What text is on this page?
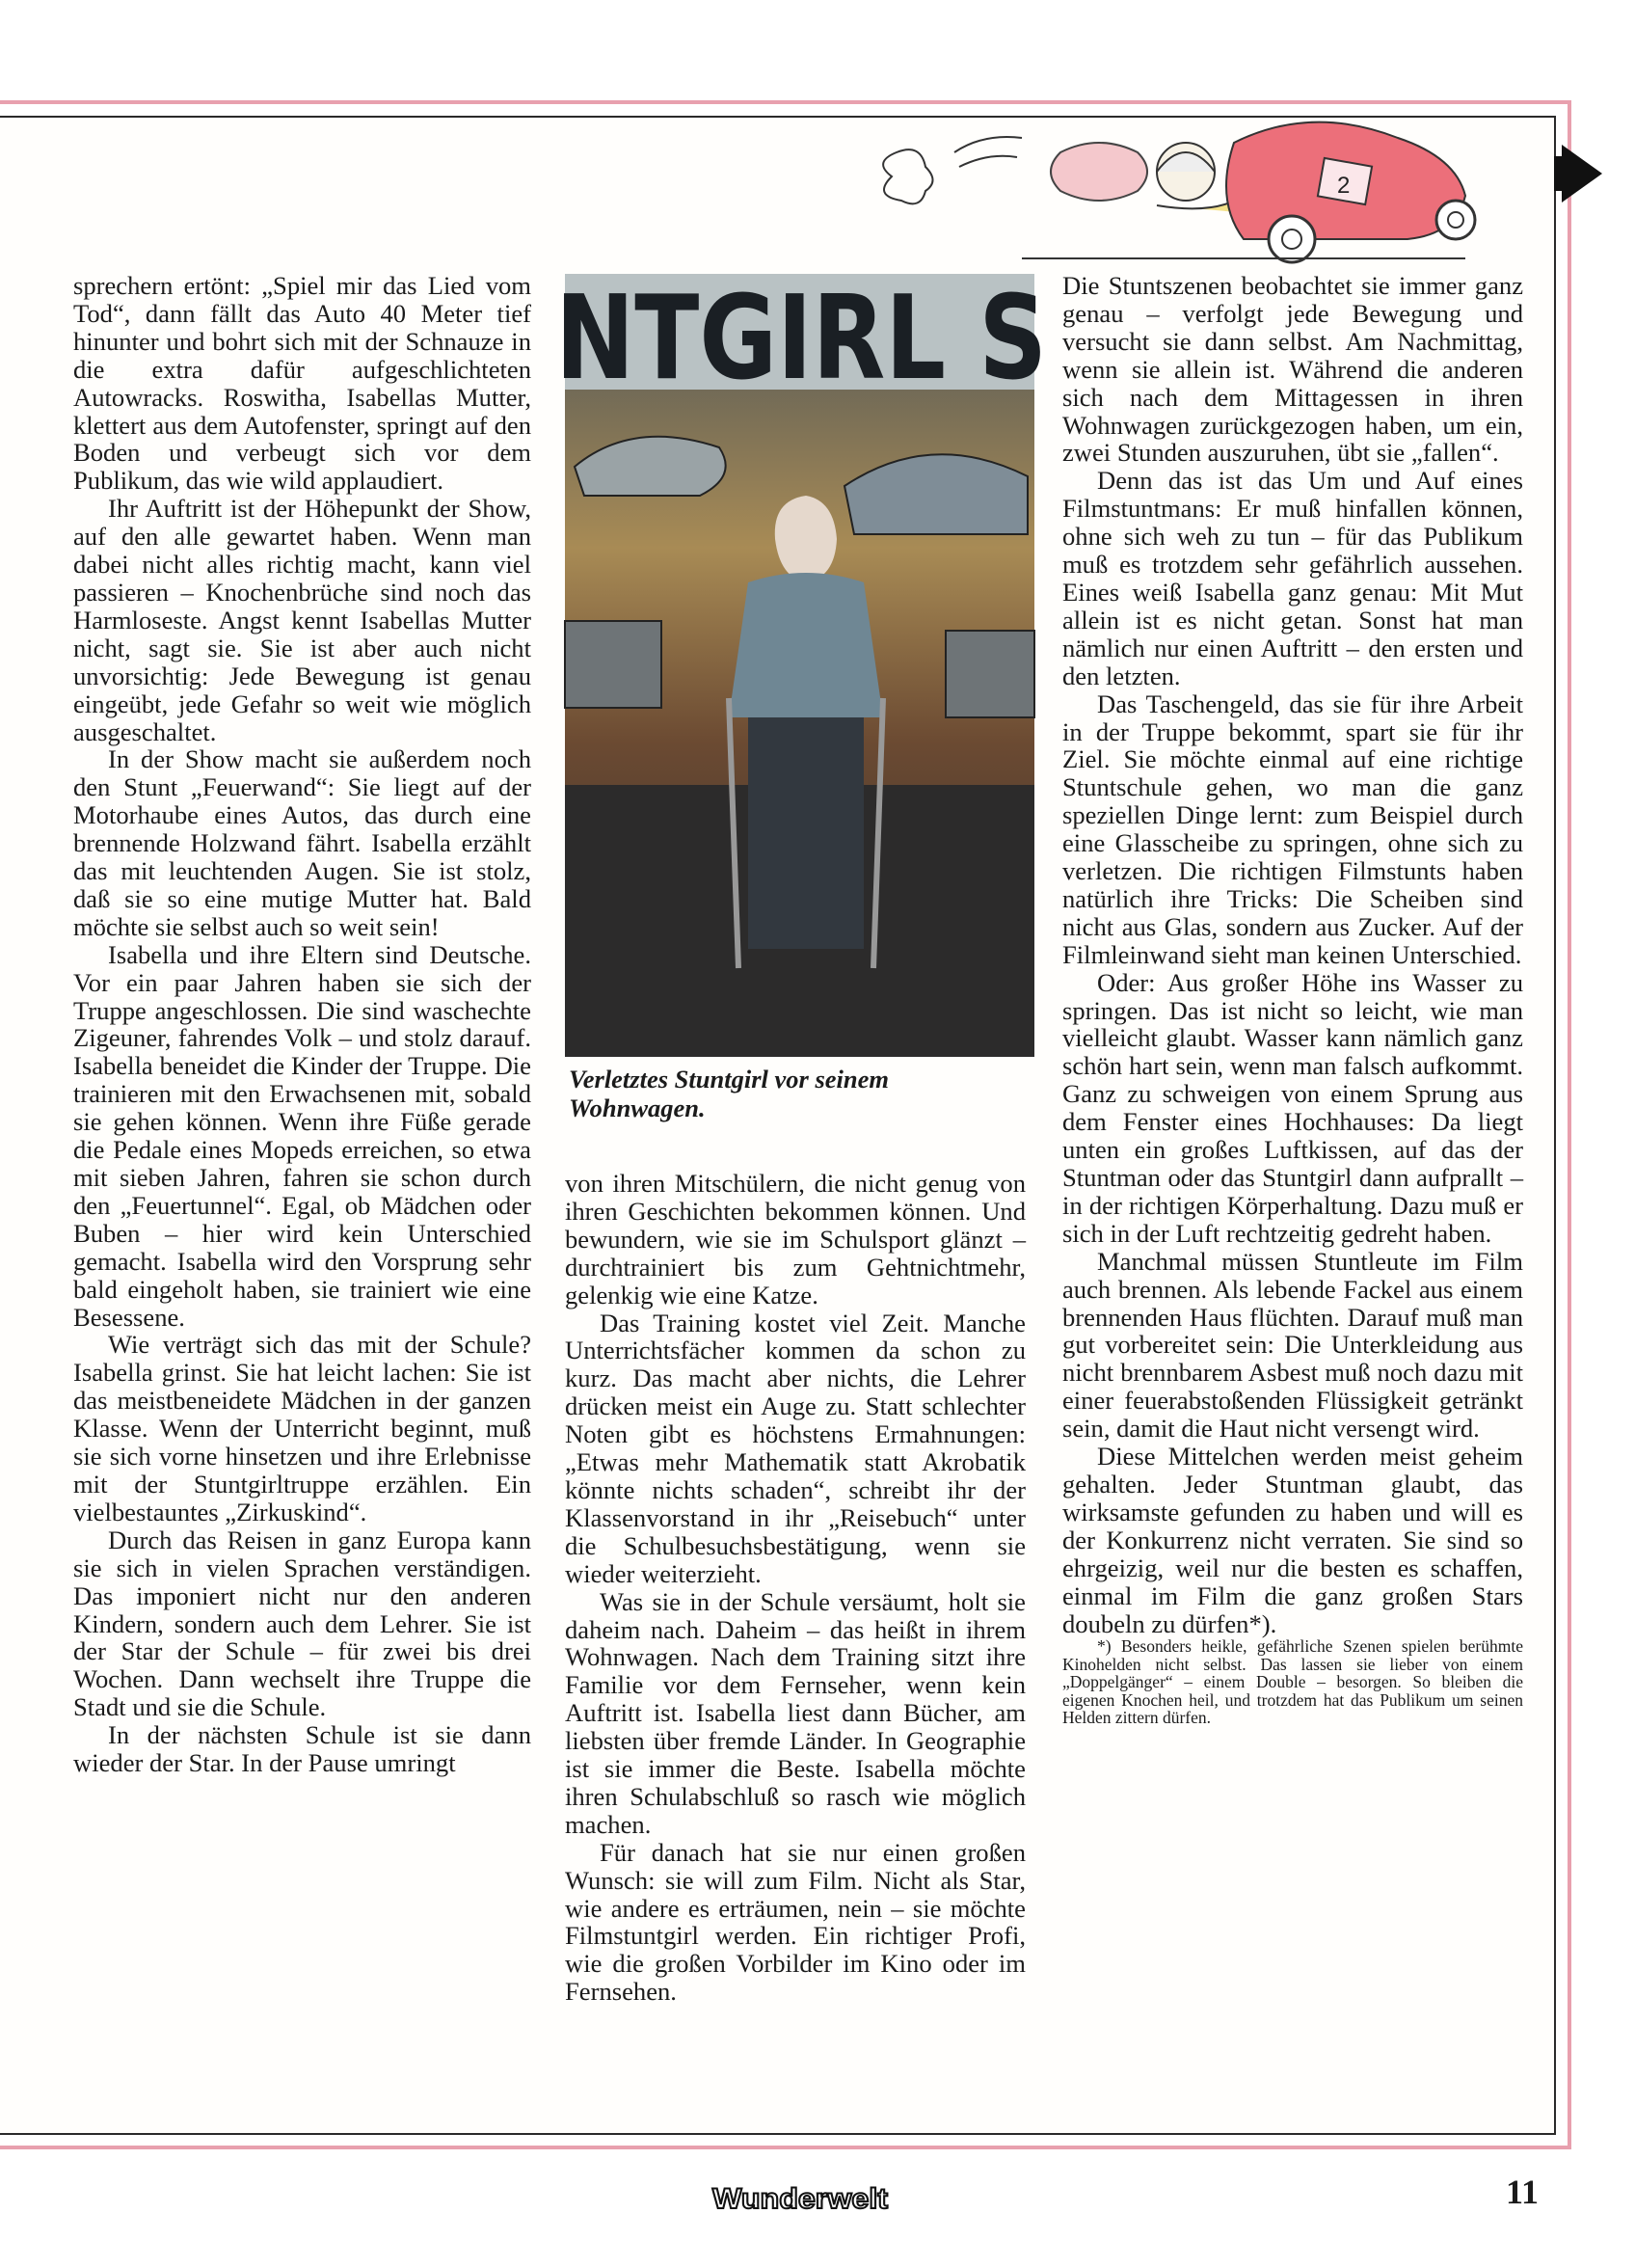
2

sprechern ertönt: „Spiel mir das Lied vom Tod“, dann fällt das Auto 40 Meter tief hinunter und bohrt sich mit der Schnauze in die extra dafür aufgeschlichteten Autowracks. Roswitha, Isabellas Mutter, klettert aus dem Autofenster, springt auf den Boden und verbeugt sich vor dem Publikum, das wie wild applaudiert.

Ihr Auftritt ist der Höhepunkt der Show, auf den alle gewartet haben. Wenn man dabei nicht alles richtig macht, kann viel passieren – Knochenbrüche sind noch das Harmloseste. Angst kennt Isabellas Mutter nicht, sagt sie. Sie ist aber auch nicht unvorsichtig: Jede Bewegung ist genau eingeübt, jede Gefahr so weit wie möglich ausgeschaltet.

In der Show macht sie außerdem noch den Stunt „Feuerwand“: Sie liegt auf der Motorhaube eines Autos, das durch eine brennende Holzwand fährt. Isabella erzählt das mit leuchtenden Augen. Sie ist stolz, daß sie so eine mutige Mutter hat. Bald möchte sie selbst auch so weit sein!

Isabella und ihre Eltern sind Deutsche. Vor ein paar Jahren haben sie sich der Truppe angeschlossen. Die sind waschechte Zigeuner, fahrendes Volk – und stolz darauf. Isabella beneidet die Kinder der Truppe. Die trainieren mit den Erwachsenen mit, sobald sie gehen können. Wenn ihre Füße gerade die Pedale eines Mopeds erreichen, so etwa mit sieben Jahren, fahren sie schon durch den „Feuertunnel“. Egal, ob Mädchen oder Buben – hier wird kein Unterschied gemacht. Isabella wird den Vorsprung sehr bald eingeholt haben, sie trainiert wie eine Besessene.

Wie verträgt sich das mit der Schule? Isabella grinst. Sie hat leicht lachen: Sie ist das meistbeneidete Mädchen in der ganzen Klasse. Wenn der Unterricht beginnt, muß sie sich vorne hinsetzen und ihre Erlebnisse mit der Stuntgirltruppe erzählen. Ein vielbestauntes „Zirkuskind“.

Durch das Reisen in ganz Europa kann sie sich in vielen Sprachen verständigen. Das imponiert nicht nur den anderen Kindern, sondern auch dem Lehrer. Sie ist der Star der Schule – für zwei bis drei Wochen. Dann wechselt ihre Truppe die Stadt und sie die Schule.

In der nächsten Schule ist sie dann wieder der Star. In der Pause umringt

NTGIRL S
Verletztes Stuntgirl vor seinem Wohnwagen.

von ihren Mitschülern, die nicht genug von ihren Geschichten bekommen können. Und bewundern, wie sie im Schulsport glänzt – durchtrainiert bis zum Gehtnichtmehr, gelenkig wie eine Katze.

Das Training kostet viel Zeit. Manche Unterrichtsfächer kommen da schon zu kurz. Das macht aber nichts, die Lehrer drücken meist ein Auge zu. Statt schlechter Noten gibt es höchstens Ermahnungen: „Etwas mehr Mathematik statt Akrobatik könnte nichts schaden“, schreibt ihr der Klassenvorstand in ihr „Reisebuch“ unter die Schulbesuchsbestätigung, wenn sie wieder weiterzieht.

Was sie in der Schule versäumt, holt sie daheim nach. Daheim – das heißt in ihrem Wohnwagen. Nach dem Training sitzt ihre Familie vor dem Fernseher, wenn kein Auftritt ist. Isabella liest dann Bücher, am liebsten über fremde Länder. In Geographie ist sie immer die Beste. Isabella möchte ihren Schulabschluß so rasch wie möglich machen.

Für danach hat sie nur einen großen Wunsch: sie will zum Film. Nicht als Star, wie andere es erträumen, nein – sie möchte Filmstuntgirl werden. Ein richtiger Profi, wie die großen Vorbilder im Kino oder im Fernsehen.

Die Stuntszenen beobachtet sie immer ganz genau – verfolgt jede Bewegung und versucht sie dann selbst. Am Nachmittag, wenn sie allein ist. Während die anderen sich nach dem Mittagessen in ihren Wohnwagen zurückgezogen haben, um ein, zwei Stunden auszuruhen, übt sie „fallen“.

Denn das ist das Um und Auf eines Filmstuntmans: Er muß hinfallen können, ohne sich weh zu tun – für das Publikum muß es trotzdem sehr gefährlich aussehen. Eines weiß Isabella ganz genau: Mit Mut allein ist es nicht getan. Sonst hat man nämlich nur einen Auftritt – den ersten und den letzten.

Das Taschengeld, das sie für ihre Arbeit in der Truppe bekommt, spart sie für ihr Ziel. Sie möchte einmal auf eine richtige Stuntschule gehen, wo man die ganz speziellen Dinge lernt: zum Beispiel durch eine Glasscheibe zu springen, ohne sich zu verletzen. Die richtigen Filmstunts haben natürlich ihre Tricks: Die Scheiben sind nicht aus Glas, sondern aus Zucker. Auf der Filmleinwand sieht man keinen Unterschied.

Oder: Aus großer Höhe ins Wasser zu springen. Das ist nicht so leicht, wie man vielleicht glaubt. Wasser kann nämlich ganz schön hart sein, wenn man falsch aufkommt. Ganz zu schweigen von einem Sprung aus dem Fenster eines Hochhauses: Da liegt unten ein großes Luftkissen, auf das der Stuntman oder das Stuntgirl dann aufprallt – in der richtigen Körperhaltung. Dazu muß er sich in der Luft rechtzeitig gedreht haben.

Manchmal müssen Stuntleute im Film auch brennen. Als lebende Fackel aus einem brennenden Haus flüchten. Darauf muß man gut vorbereitet sein: Die Unterkleidung aus nicht brennbarem Asbest muß noch dazu mit einer feuerabstoßenden Flüssigkeit getränkt sein, damit die Haut nicht versengt wird.

Diese Mittelchen werden meist geheim gehalten. Jeder Stuntman glaubt, das wirksamste gefunden zu haben und will es der Konkurrenz nicht verraten. Sie sind so ehrgeizig, weil nur die besten es schaffen, einmal im Film die ganz großen Stars doubeln zu dürfen*).

*) Besonders heikle, gefährliche Szenen spielen berühmte Kinohelden nicht selbst. Das lassen sie lieber von einem „Doppelgänger“ – einem Double – besorgen. So bleiben die eigenen Knochen heil, und trotzdem hat das Publikum um seinen Helden zittern dürfen.

Wunderwelt	11
